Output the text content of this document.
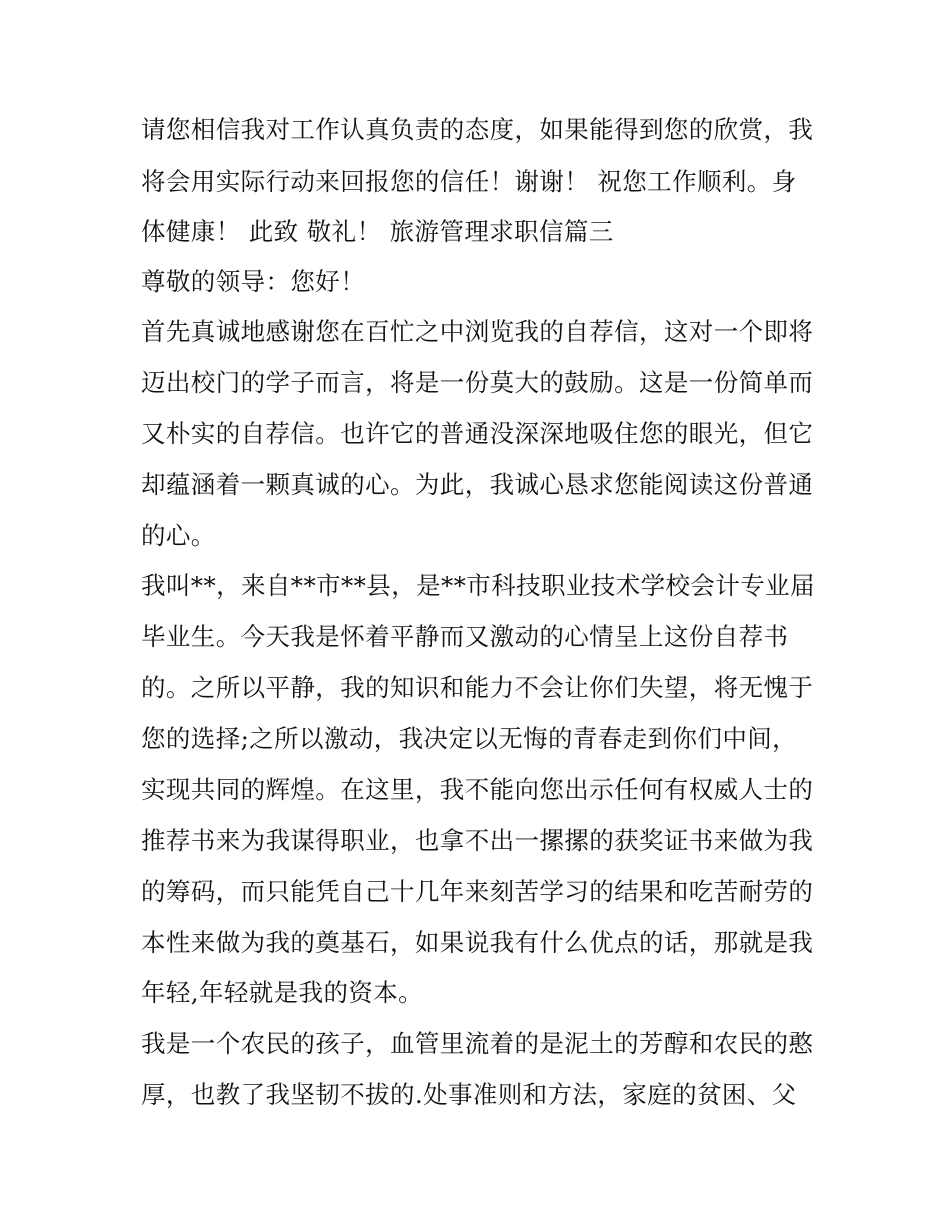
请您相信我对工作认真负责的态度，如果能得到您的欣赏，我
将会用实际行动来回报您的信任！谢谢！ 祝您工作顺利。身
体健康！ 此致 敬礼！ 旅游管理求职信篇三
尊敬的领导：您好！
首先真诚地感谢您在百忙之中浏览我的自荐信，这对一个即将
迈出校门的学子而言，将是一份莫大的鼓励。这是一份简单而
又朴实的自荐信。也许它的普通没深深地吸住您的眼光，但它
却蕴涵着一颗真诚的心。为此，我诚心恳求您能阅读这份普通
的心。
我叫**，来自**市**县，是**市科技职业技术学校会计专业届
毕业生。今天我是怀着平静而又激动的心情呈上这份自荐书
的。之所以平静，我的知识和能力不会让你们失望，将无愧于
您的选择;之所以激动，我决定以无悔的青春走到你们中间，
实现共同的辉煌。在这里，我不能向您出示任何有权威人士的
推荐书来为我谋得职业，也拿不出一摞摞的获奖证书来做为我
的筹码，而只能凭自己十几年来刻苦学习的结果和吃苦耐劳的
本性来做为我的奠基石，如果说我有什么优点的话，那就是我
年轻,年轻就是我的资本。
我是一个农民的孩子，血管里流着的是泥土的芳醇和农民的憨
厚，也教了我坚韧不拔的.处事准则和方法，家庭的贫困、父
